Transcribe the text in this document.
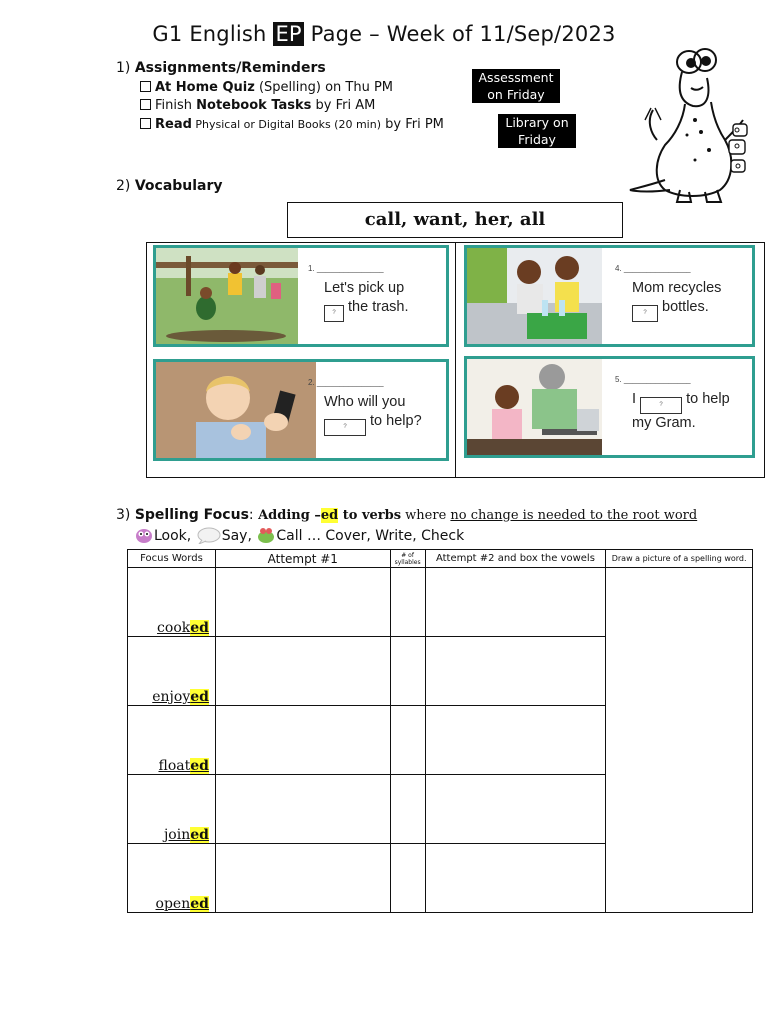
G1 English EP Page – Week of 11/Sep/2023
1) Assignments/Reminders
At Home Quiz (Spelling) on Thu PM
Finish Notebook Tasks by Fri AM
Read Physical or Digital Books (20 min) by Fri PM
Assessment
on Friday
Library on
Friday
2) Vocabulary
call, want, her, all
1. _______________
Let's pick up
? the trash.
2. _______________
Who will you
? to help?
4. _______________
Mom recycles
? bottles.
5. _______________
I	? to help
my Gram.
3) Spelling Focus: Adding –ed to verbs where no change is needed to the root word
Look, Say, Call … Cover, Write, Check
Focus Words	Attempt #1	# of syllables	Attempt #2 and box the vowels	Draw a picture of a spelling word.
cooked				
enjoyed				
floated				
joined				
opened				
